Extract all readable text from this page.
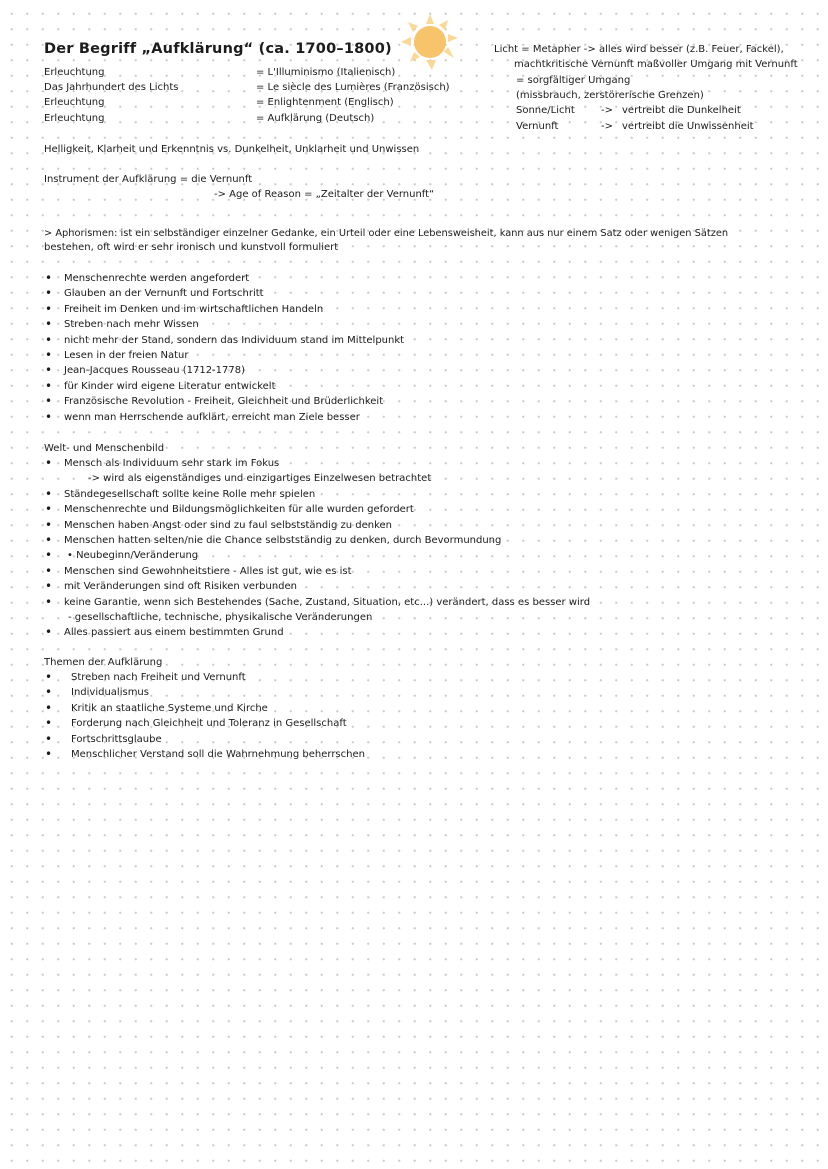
Der Begriff „Aufklärung“ (ca. 1700–1800)
Erleuchtung	= L'Illuminismo (Italienisch)
Das Jahrhundert des Lichts	= Le siècle des Lumières (Französisch)
Erleuchtung	= Enlightenment (Englisch)
Erleuchtung	= Aufklärung (Deutsch)
Licht = Metapher -> alles wird besser (z.B. Feuer, Fackel),
machtkritische Vernunft maßvoller Umgang mit Vernunft
= sorgfältiger Umgang
(missbrauch, zerstörerische Grenzen)
Sonne/Licht	-> vertreibt die Dunkelheit
Vernunft	-> vertreibt die Unwissenheit
Helligkeit, Klarheit und Erkenntnis vs. Dunkelheit, Unklarheit und Unwissen
Instrument der Aufklärung = die Vernunft
-> Age of Reason = „Zeitalter der Vernunft“
> Aphorismen: ist ein selbständiger einzelner Gedanke, ein Urteil oder eine Lebensweisheit, kann aus nur einem Satz oder wenigen Sätzen
bestehen, oft wird er sehr ironisch und kunstvoll formuliert
• Menschenrechte werden angefordert
• Glauben an der Vernunft und Fortschritt
• Freiheit im Denken und im wirtschaftlichen Handeln
• Streben nach mehr Wissen
• nicht mehr der Stand, sondern das Individuum stand im Mittelpunkt
• Lesen in der freien Natur
• Jean-Jacques Rousseau (1712-1778)
• für Kinder wird eigene Literatur entwickelt
• Französische Revolution - Freiheit, Gleichheit und Brüderlichkeit
• wenn man Herrschende aufklärt, erreicht man Ziele besser
Welt- und Menschenbild
• Mensch als Individuum sehr stark im Fokus
-> wird als eigenständiges und einzigartiges Einzelwesen betrachtet
• Ständegesellschaft sollte keine Rolle mehr spielen
• Menschenrechte und Bildungsmöglichkeiten für alle wurden gefordert
• Menschen haben Angst oder sind zu faul selbstständig zu denken
• Menschen hatten selten/nie die Chance selbstständig zu denken, durch Bevormundung
• • Neubeginn/Veränderung
• Menschen sind Gewohnheitstiere - Alles ist gut, wie es ist
• mit Veränderungen sind oft Risiken verbunden
• keine Garantie, wenn sich Bestehendes (Sache, Zustand, Situation, etc...) verändert, dass es besser wird
- gesellschaftliche, technische, physikalische Veränderungen
• Alles passiert aus einem bestimmten Grund
Themen der Aufklärung
• Streben nach Freiheit und Vernunft
• Individualismus
• Kritik an staatliche Systeme und Kirche
• Forderung nach Gleichheit und Toleranz in Gesellschaft
• Fortschrittsglaube
• Menschlicher Verstand soll die Wahrnehmung beherrschen
